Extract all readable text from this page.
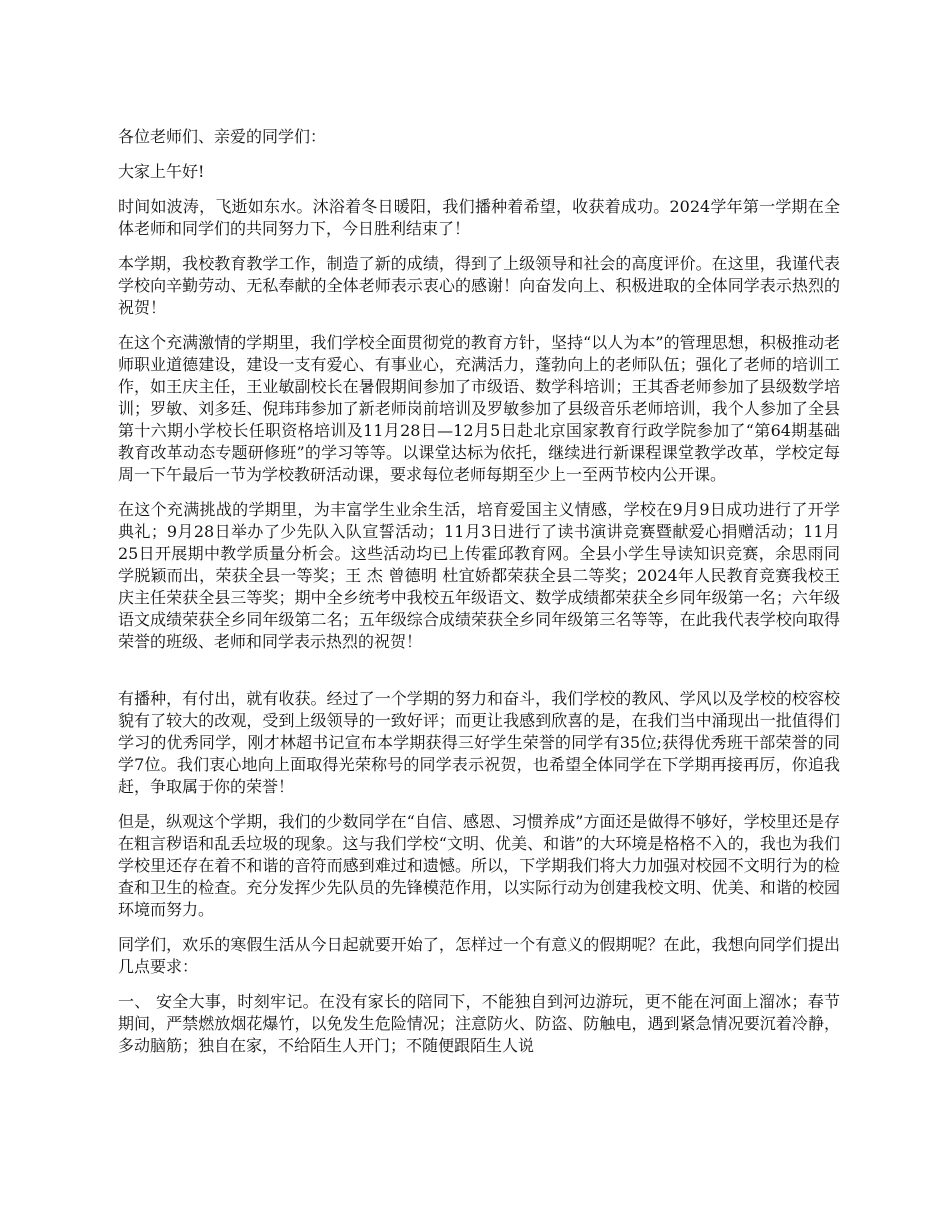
各位老师们、亲爱的同学们：

大家上午好!

时间如波涛，飞逝如东水。沐浴着冬日暖阳，我们播种着希望，收获着成功。2024学年第一学期在全体老师和同学们的共同努力下，今日胜利结束了！

本学期，我校教育教学工作，制造了新的成绩，得到了上级领导和社会的高度评价。在这里，我谨代表学校向辛勤劳动、无私奉献的全体老师表示衷心的感谢！向奋发向上、积极进取的全体同学表示热烈的祝贺！

在这个充满激情的学期里，我们学校全面贯彻党的教育方针，坚持“以人为本”的管理思想，积极推动老师职业道德建设，建设一支有爱心、有事业心，充满活力，蓬勃向上的老师队伍；强化了老师的培训工作，如王庆主任，王业敏副校长在暑假期间参加了市级语、数学科培训；王其香老师参加了县级数学培训；罗敏、刘多廷、倪玮玮参加了新老师岗前培训及罗敏参加了县级音乐老师培训，我个人参加了全县第十六期小学校长任职资格培训及11月28日—12月5日赴北京国家教育行政学院参加了“第64期基础教育改革动态专题研修班”的学习等等。以课堂达标为依托，继续进行新课程课堂教学改革，学校定每周一下午最后一节为学校教研活动课，要求每位老师每期至少上一至两节校内公开课。

在这个充满挑战的学期里，为丰富学生业余生活，培育爱国主义情感，学校在9月9日成功进行了开学典礼；9月28日举办了少先队入队宣誓活动；11月3日进行了读书演讲竞赛暨献爱心捐赠活动；11月25日开展期中教学质量分析会。这些活动均已上传霍邱教育网。全县小学生导读知识竞赛，余思雨同学脱颖而出，荣获全县一等奖；王 杰 曾德明 杜宜娇都荣获全县二等奖；2024年人民教育竞赛我校王庆主任荣获全县三等奖；期中全乡统考中我校五年级语文、数学成绩都荣获全乡同年级第一名；六年级语文成绩荣获全乡同年级第二名；五年级综合成绩荣获全乡同年级第三名等等，在此我代表学校向取得荣誉的班级、老师和同学表示热烈的祝贺！

有播种，有付出，就有收获。经过了一个学期的努力和奋斗，我们学校的教风、学风以及学校的校容校貌有了较大的改观，受到上级领导的一致好评；而更让我感到欣喜的是，在我们当中涌现出一批值得们学习的优秀同学，刚才林超书记宣布本学期获得三好学生荣誉的同学有35位;获得优秀班干部荣誉的同学7位。我们衷心地向上面取得光荣称号的同学表示祝贺，也希望全体同学在下学期再接再厉，你追我赶，争取属于你的荣誉！

但是，纵观这个学期，我们的少数同学在“自信、感恩、习惯养成”方面还是做得不够好，学校里还是存在粗言秽语和乱丢垃圾的现象。这与我们学校“文明、优美、和谐”的大环境是格格不入的，我也为我们学校里还存在着不和谐的音符而感到难过和遗憾。所以，下学期我们将大力加强对校园不文明行为的检查和卫生的检查。充分发挥少先队员的先锋模范作用，以实际行动为创建我校文明、优美、和谐的校园环境而努力。

同学们，欢乐的寒假生活从今日起就要开始了，怎样过一个有意义的假期呢？在此，我想向同学们提出几点要求：

一、 安全大事，时刻牢记。在没有家长的陪同下，不能独自到河边游玩，更不能在河面上溜冰；春节期间，严禁燃放烟花爆竹，以免发生危险情况；注意防火、防盗、防触电，遇到紧急情况要沉着冷静，多动脑筋；独自在家，不给陌生人开门；不随便跟陌生人说
